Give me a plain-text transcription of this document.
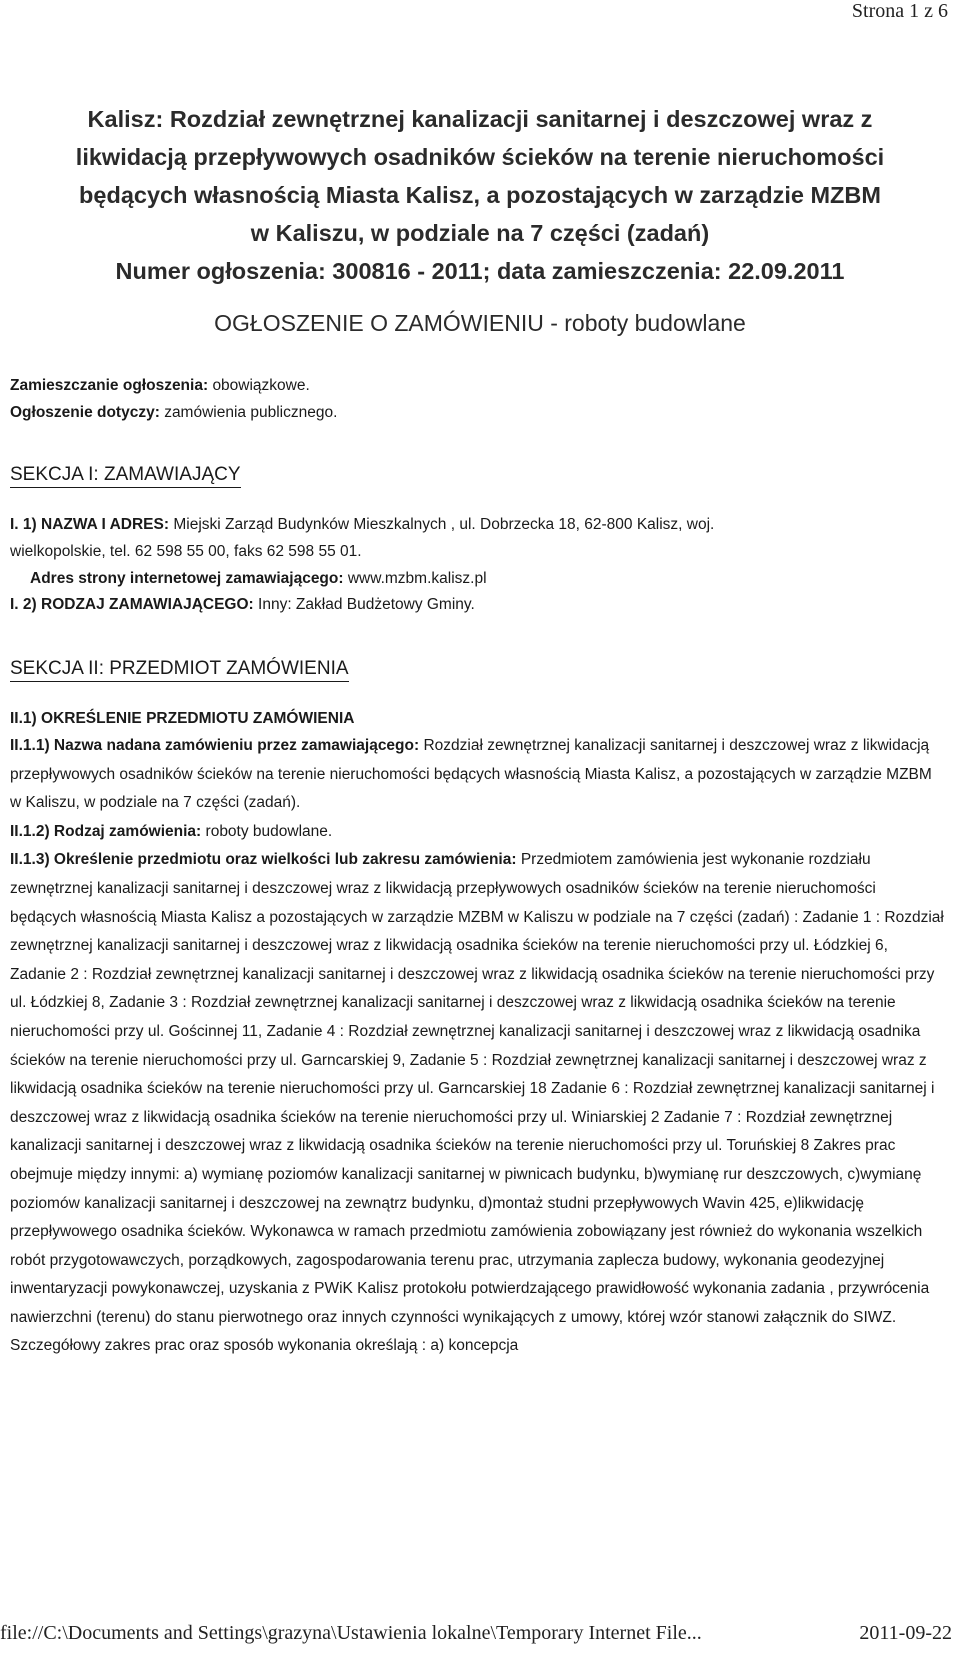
Strona 1 z 6
Kalisz: Rozdział zewnętrznej kanalizacji sanitarnej i deszczowej wraz z
likwidacją przepływowych osadników ścieków na terenie nieruchomości
będących własnością Miasta Kalisz, a pozostających w zarządzie MZBM
w Kaliszu, w podziale na 7 części (zadań)
Numer ogłoszenia: 300816 - 2011; data zamieszczenia: 22.09.2011
OGŁOSZENIE O ZAMÓWIENIU - roboty budowlane
Zamieszczanie ogłoszenia: obowiązkowe.
Ogłoszenie dotyczy: zamówienia publicznego.
SEKCJA I: ZAMAWIAJĄCY
I. 1) NAZWA I ADRES: Miejski Zarząd Budynków Mieszkalnych , ul. Dobrzecka 18, 62-800 Kalisz, woj.
wielkopolskie, tel. 62 598 55 00, faks 62 598 55 01.
Adres strony internetowej zamawiającego: www.mzbm.kalisz.pl
I. 2) RODZAJ ZAMAWIAJĄCEGO: Inny: Zakład Budżetowy Gminy.
SEKCJA II: PRZEDMIOT ZAMÓWIENIA
II.1) OKREŚLENIE PRZEDMIOTU ZAMÓWIENIA

II.1.1) Nazwa nadana zamówieniu przez zamawiającego: Rozdział zewnętrznej kanalizacji sanitarnej i deszczowej wraz z likwidacją przepływowych osadników ścieków na terenie nieruchomości będących własnością Miasta Kalisz, a pozostających w zarządzie MZBM w Kaliszu, w podziale na 7 części (zadań).

II.1.2) Rodzaj zamówienia: roboty budowlane.

II.1.3) Określenie przedmiotu oraz wielkości lub zakresu zamówienia: Przedmiotem zamówienia jest wykonanie rozdziału zewnętrznej kanalizacji sanitarnej i deszczowej wraz z likwidacją przepływowych osadników ścieków na terenie nieruchomości będących własnością Miasta Kalisz a pozostających w zarządzie MZBM w Kaliszu w podziale na 7 części (zadań) : Zadanie 1 : Rozdział zewnętrznej kanalizacji sanitarnej i deszczowej wraz z likwidacją osadnika ścieków na terenie nieruchomości przy ul. Łódzkiej 6, Zadanie 2 : Rozdział zewnętrznej kanalizacji sanitarnej i deszczowej wraz z likwidacją osadnika ścieków na terenie nieruchomości przy ul. Łódzkiej 8, Zadanie 3 : Rozdział zewnętrznej kanalizacji sanitarnej i deszczowej wraz z likwidacją osadnika ścieków na terenie nieruchomości przy ul. Gościnnej 11, Zadanie 4 : Rozdział zewnętrznej kanalizacji sanitarnej i deszczowej wraz z likwidacją osadnika ścieków na terenie nieruchomości przy ul. Garncarskiej 9, Zadanie 5 : Rozdział zewnętrznej kanalizacji sanitarnej i deszczowej wraz z likwidacją osadnika ścieków na terenie nieruchomości przy ul. Garncarskiej 18 Zadanie 6 : Rozdział zewnętrznej kanalizacji sanitarnej i deszczowej wraz z likwidacją osadnika ścieków na terenie nieruchomości przy ul. Winiarskiej 2 Zadanie 7 : Rozdział zewnętrznej kanalizacji sanitarnej i deszczowej wraz z likwidacją osadnika ścieków na terenie nieruchomości przy ul. Toruńskiej 8 Zakres prac obejmuje między innymi: a) wymianę poziomów kanalizacji sanitarnej w piwnicach budynku, b)wymianę rur deszczowych, c)wymianę poziomów kanalizacji sanitarnej i deszczowej na zewnątrz budynku, d)montaż studni przepływowych Wavin 425, e)likwidację przepływowego osadnika ścieków. Wykonawca w ramach przedmiotu zamówienia zobowiązany jest również do wykonania wszelkich robót przygotowawczych, porządkowych, zagospodarowania terenu prac, utrzymania zaplecza budowy, wykonania geodezyjnej inwentaryzacji powykonawczej, uzyskania z PWiK Kalisz protokołu potwierdzającego prawidłowość wykonania zadania , przywrócenia nawierzchni (terenu) do stanu pierwotnego oraz innych czynności wynikających z umowy, której wzór stanowi załącznik do SIWZ. Szczegółowy zakres prac oraz sposób wykonania określają : a) koncepcja

file://C:\Documents and Settings\grazyna\Ustawienia lokalne\Temporary Internet File...	2011-09-22
